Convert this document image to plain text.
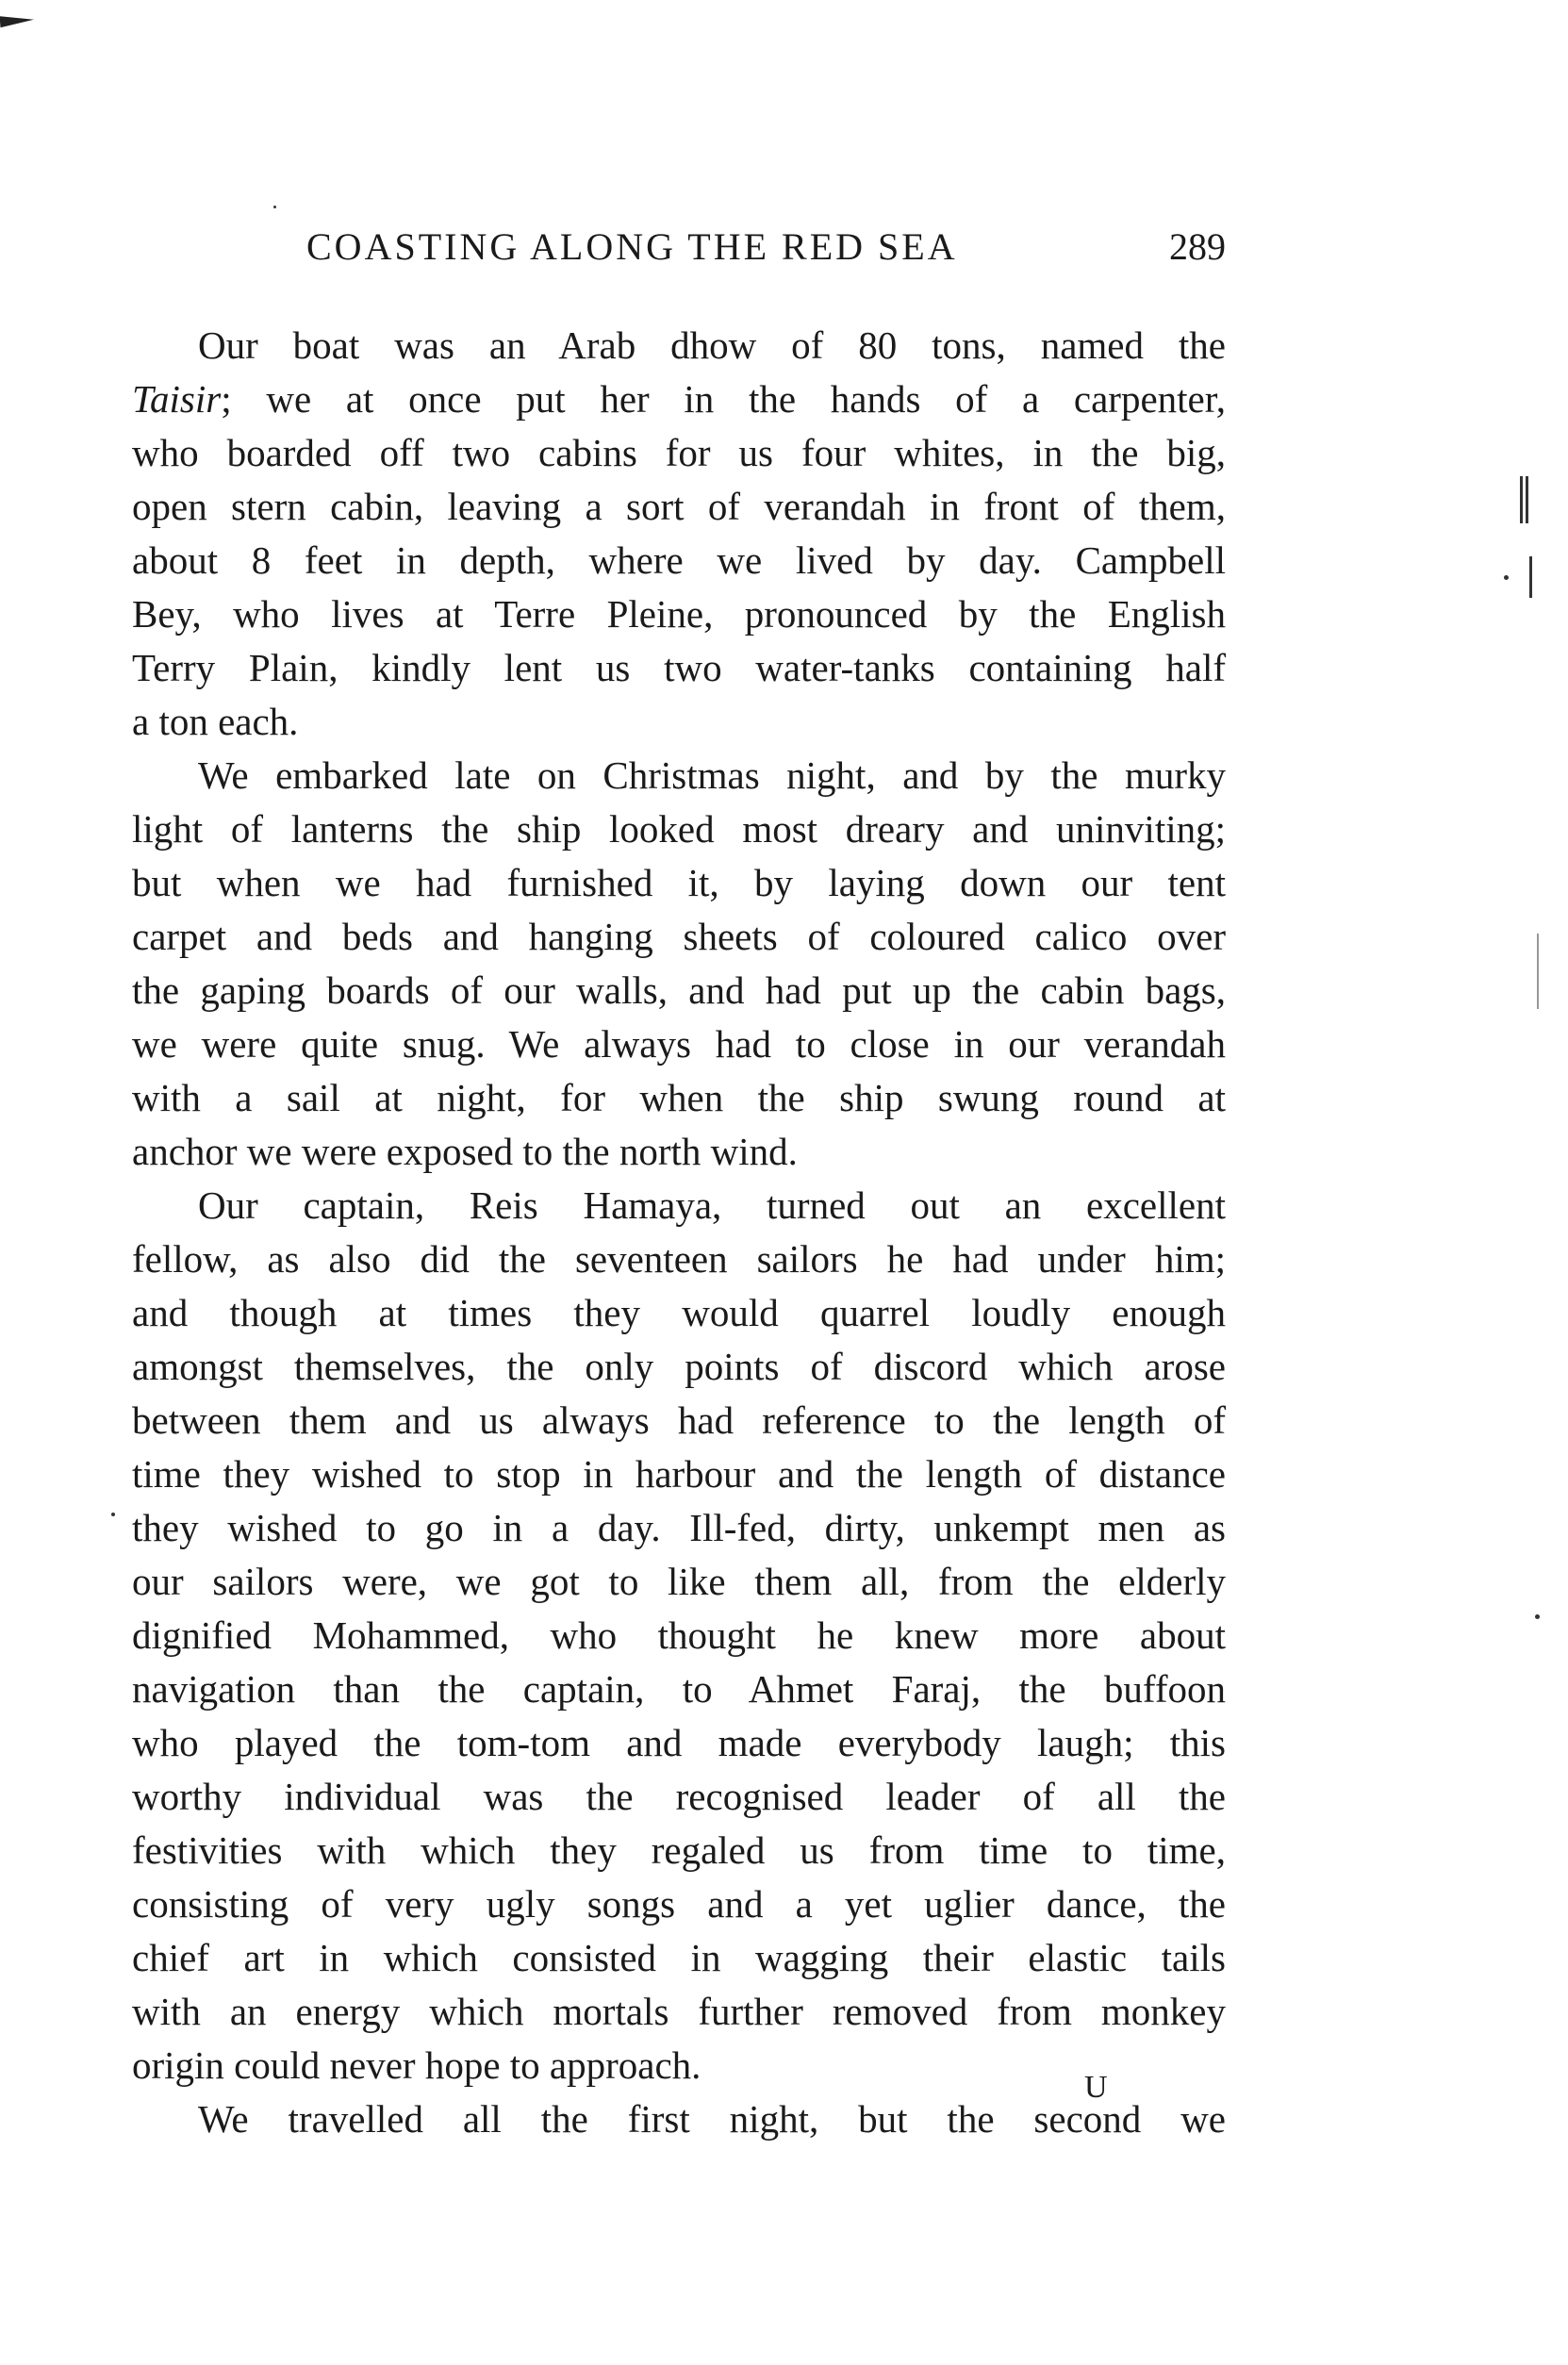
COASTING ALONG THE RED SEA	289
Our boat was an Arab dhow of 80 tons, named the
Taisir; we at once put her in the hands of a carpenter,
who boarded off two cabins for us four whites, in the big,
open stern cabin, leaving a sort of verandah in front of them,
about 8 feet in depth, where we lived by day. Campbell
Bey, who lives at Terre Pleine, pronounced by the English
Terry Plain, kindly lent us two water-tanks containing half
a ton each.
We embarked late on Christmas night, and by the murky
light of lanterns the ship looked most dreary and uninviting;
but when we had furnished it, by laying down our tent
carpet and beds and hanging sheets of coloured calico over
the gaping boards of our walls, and had put up the cabin bags,
we were quite snug. We always had to close in our verandah
with a sail at night, for when the ship swung round at
anchor we were exposed to the north wind.
Our captain, Reis Hamaya, turned out an excellent
fellow, as also did the seventeen sailors he had under him;
and though at times they would quarrel loudly enough
amongst themselves, the only points of discord which arose
between them and us always had reference to the length of
time they wished to stop in harbour and the length of distance
they wished to go in a day. Ill-fed, dirty, unkempt men as
our sailors were, we got to like them all, from the elderly
dignified Mohammed, who thought he knew more about
navigation than the captain, to Ahmet Faraj, the buffoon
who played the tom-tom and made everybody laugh; this
worthy individual was the recognised leader of all the
festivities with which they regaled us from time to time,
consisting of very ugly songs and a yet uglier dance, the
chief art in which consisted in wagging their elastic tails
with an energy which mortals further removed from monkey
origin could never hope to approach.
We travelled all the first night, but the second we
U
